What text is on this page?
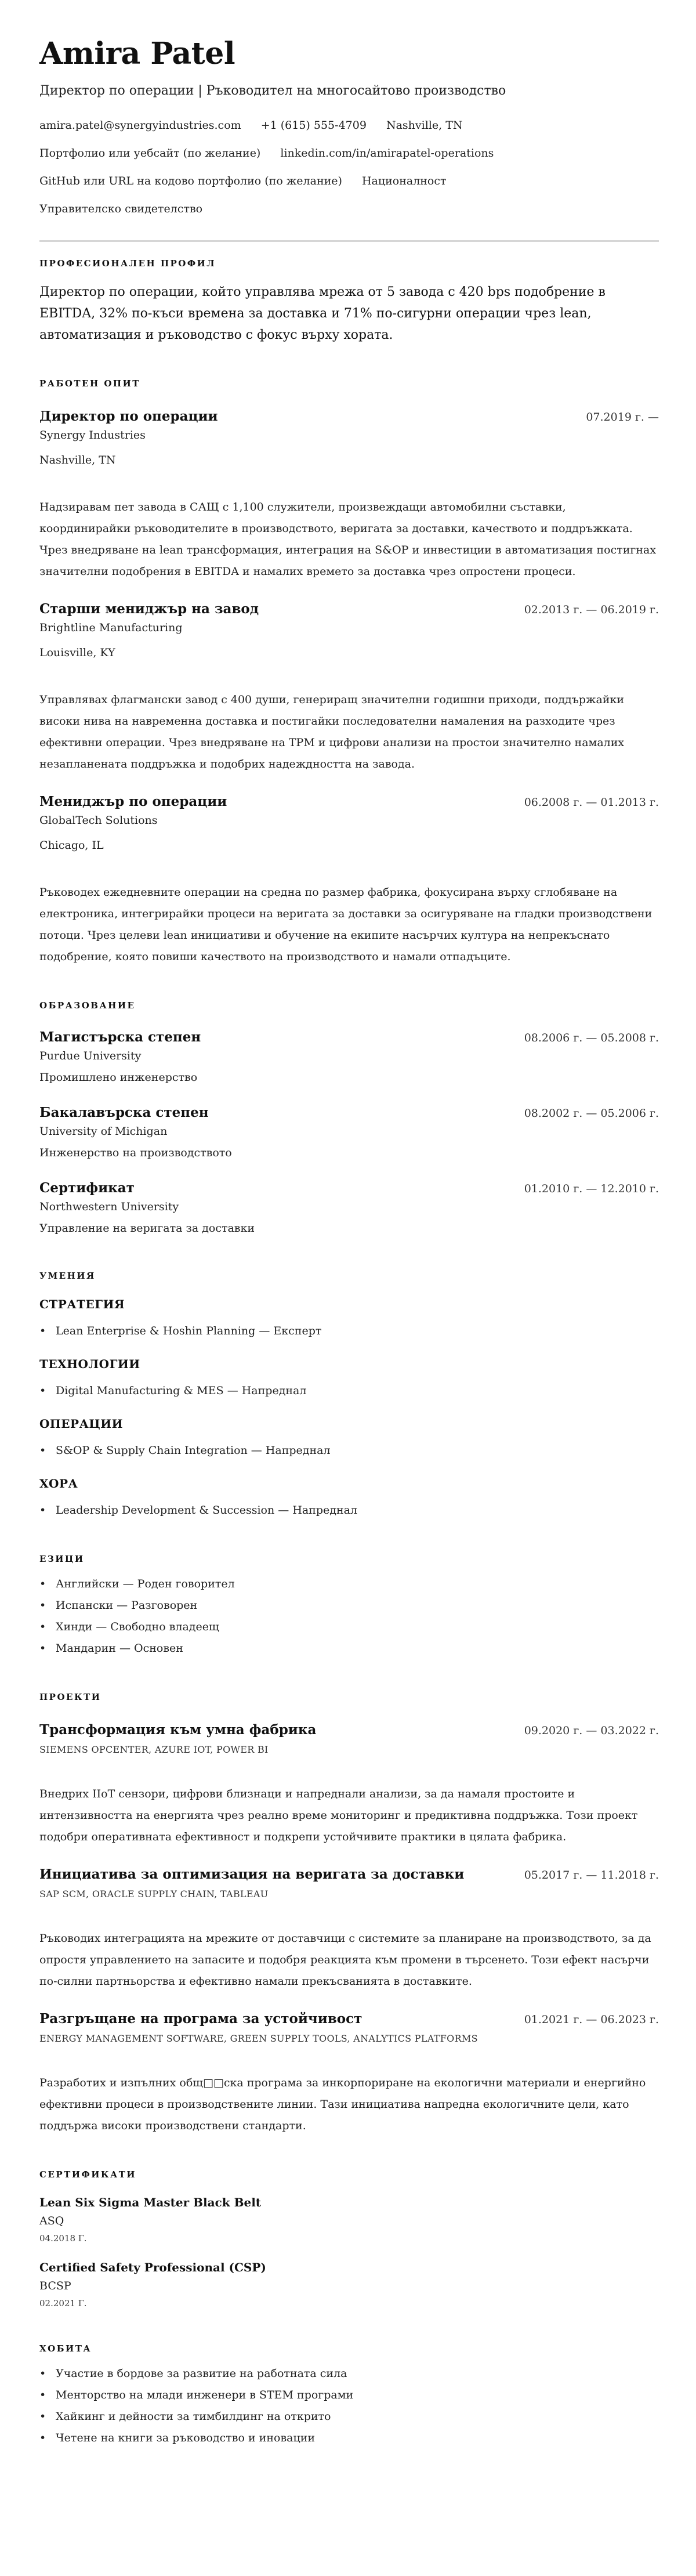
Amira Patel
Директор по операции | Ръководител на многосайтово производство
amira.patel@synergyindustries.com +1 (615) 555-4709 Nashville, TN
Портфолио или уебсайт (по желание) linkedin.com/in/amirapatel-operations
GitHub или URL на кодово портфолио (по желание) Националност
Управителско свидетелство
ПРОФЕСИОНАЛЕН ПРОФИЛ
Директор по операции, който управлява мрежа от 5 завода с 420 bps подобрение в EBITDA, 32% по-къси времена за доставка и 71% по-сигурни операции чрез lean, автоматизация и ръководство с фокус върху хората.
РАБОТЕН ОПИТ
Директор по операции	07.2019 г. —
Synergy Industries
Nashville, TN
Надзиравам пет завода в САЩ с 1,100 служители, произвеждащи автомобилни съставки, координирайки ръководителите в производството, веригата за доставки, качеството и поддръжката. Чрез внедряване на lean трансформация, интеграция на S&OP и инвестиции в автоматизация постигнах значителни подобрения в EBITDA и намалих времето за доставка чрез опростени процеси.
Старши мениджър на завод	02.2013 г. — 06.2019 г.
Brightline Manufacturing
Louisville, KY
Управлявах флагмански завод с 400 души, генериращ значителни годишни приходи, поддържайки високи нива на навременна доставка и постигайки последователни намаления на разходите чрез ефективни операции. Чрез внедряване на TPM и цифрови анализи на простои значително намалих незапланената поддръжка и подобрих надеждността на завода.
Мениджър по операции	06.2008 г. — 01.2013 г.
GlobalTech Solutions
Chicago, IL
Ръководех ежедневните операции на средна по размер фабрика, фокусирана върху сглобяване на електроника, интегрирайки процеси на веригата за доставки за осигуряване на гладки производствени потоци. Чрез целеви lean инициативи и обучение на екипите насърчих култура на непрекъснато подобрение, която повиши качеството на производството и намали отпадъците.
ОБРАЗОВАНИЕ
Магистърска степен	08.2006 г. — 05.2008 г.
Purdue University
Промишлено инженерство
Бакалавърска степен	08.2002 г. — 05.2006 г.
University of Michigan
Инженерство на производството
Сертификат	01.2010 г. — 12.2010 г.
Northwestern University
Управление на веригата за доставки
УМЕНИЯ
СТРАТЕГИЯ
• Lean Enterprise & Hoshin Planning — Експерт
ТЕХНОЛОГИИ
• Digital Manufacturing & MES — Напреднал
ОПЕРАЦИИ
• S&OP & Supply Chain Integration — Напреднал
ХОРА
• Leadership Development & Succession — Напреднал
ЕЗИЦИ
• Английски — Роден говорител
• Испански — Разговорен
• Хинди — Свободно владеещ
• Мандарин — Основен
ПРОЕКТИ
Трансформация към умна фабрика	09.2020 г. — 03.2022 г.
SIEMENS OPCENTER, AZURE IOT, POWER BI
Внедрих IIoT сензори, цифрови близнаци и напреднали анализи, за да намаля простоите и интензивността на енергията чрез реално време мониторинг и предиктивна поддръжка. Този проект подобри оперативната ефективност и подкрепи устойчивите практики в цялата фабрика.
Инициатива за оптимизация на веригата за доставки	05.2017 г. — 11.2018 г.
SAP SCM, ORACLE SUPPLY CHAIN, TABLEAU
Ръководих интеграцията на мрежите от доставчици с системите за планиране на производството, за да опростя управлението на запасите и подобря реакцията към промени в търсенето. Този ефект насърчи по-силни партньорства и ефективно намали прекъсванията в доставките.
Разгръщане на програма за устойчивост	01.2021 г. — 06.2023 г.
ENERGY MANAGEMENT SOFTWARE, GREEN SUPPLY TOOLS, ANALYTICS PLATFORMS
Разработих и изпълних общ□□ска програма за инкорпориране на екологични материали и енергийно ефективни процеси в производствените линии. Тази инициатива напредна екологичните цели, като поддържа високи производствени стандарти.
СЕРТИФИКАТИ
Lean Six Sigma Master Black Belt
ASQ
04.2018 Г.
Certified Safety Professional (CSP)
BCSP
02.2021 Г.
ХОБИТА
• Участие в бордове за развитие на работната сила
• Менторство на млади инженери в STEM програми
• Хайкинг и дейности за тимбилдинг на открито
• Четене на книги за ръководство и иновации
